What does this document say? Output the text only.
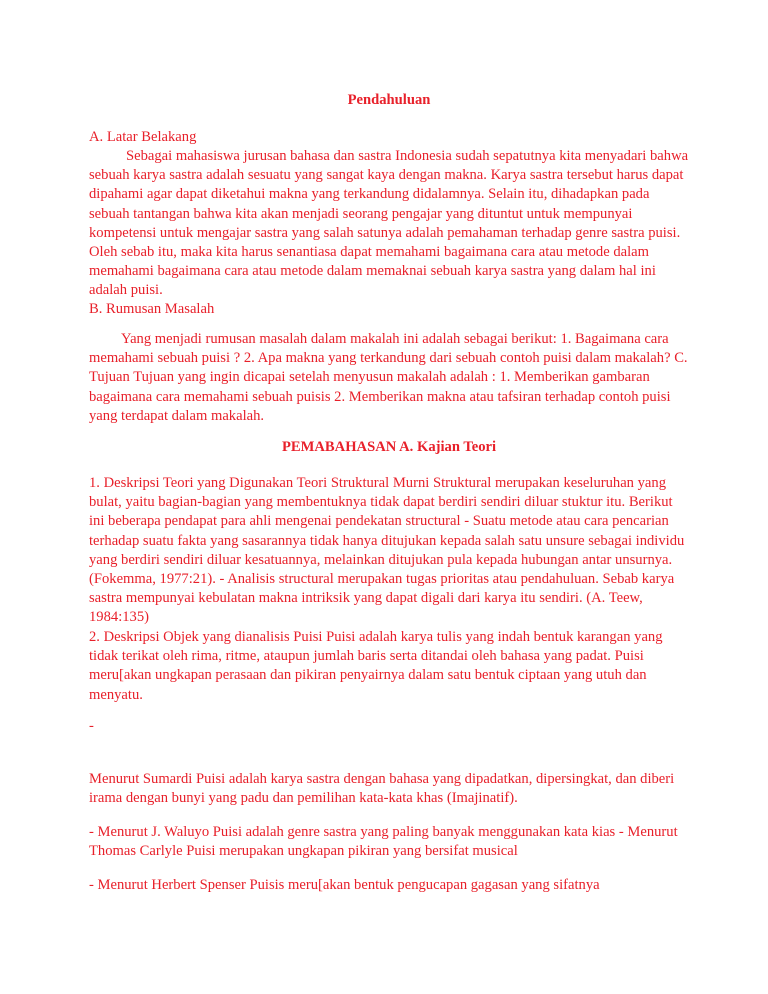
Pendahuluan

A. Latar Belakang

Sebagai mahasiswa jurusan bahasa dan sastra Indonesia sudah sepatutnya kita menyadari bahwa sebuah karya sastra adalah sesuatu yang sangat kaya dengan makna. Karya sastra tersebut harus dapat dipahami agar dapat diketahui makna yang terkandung didalamnya. Selain itu, dihadapkan pada sebuah tantangan bahwa kita akan menjadi seorang pengajar yang dituntut untuk mempunyai kompetensi untuk mengajar sastra yang salah satunya adalah pemahaman terhadap genre sastra puisi. Oleh sebab itu, maka kita harus senantiasa dapat memahami bagaimana cara atau metode dalam memahami bagaimana cara atau metode dalam memaknai sebuah karya sastra yang dalam hal ini adalah puisi.

B. Rumusan Masalah

Yang menjadi rumusan masalah dalam makalah ini adalah sebagai berikut: 1. Bagaimana cara memahami sebuah puisi ? 2. Apa makna yang terkandung dari sebuah contoh puisi dalam makalah? C. Tujuan Tujuan yang ingin dicapai setelah menyusun makalah adalah : 1. Memberikan gambaran bagaimana cara memahami sebuah puisis 2. Memberikan makna atau tafsiran terhadap contoh puisi yang terdapat dalam makalah.

PEMABAHASAN A. Kajian Teori

1. Deskripsi Teori yang Digunakan Teori Struktural Murni Struktural merupakan keseluruhan yang bulat, yaitu bagian-bagian yang membentuknya tidak dapat berdiri sendiri diluar stuktur itu. Berikut ini beberapa pendapat para ahli mengenai pendekatan structural - Suatu metode atau cara pencarian terhadap suatu fakta yang sasarannya tidak hanya ditujukan kepada salah satu unsure sebagai individu yang berdiri sendiri diluar kesatuannya, melainkan ditujukan pula kepada hubungan antar unsurnya. (Fokemma, 1977:21). - Analisis structural merupakan tugas prioritas atau pendahuluan. Sebab karya sastra mempunyai kebulatan makna intriksik yang dapat digali dari karya itu sendiri. (A. Teew, 1984:135)

2. Deskripsi Objek yang dianalisis Puisi Puisi adalah karya tulis yang indah bentuk karangan yang tidak terikat oleh rima, ritme, ataupun jumlah baris serta ditandai oleh bahasa yang padat. Puisi meru[akan ungkapan perasaan dan pikiran penyairnya dalam satu bentuk ciptaan yang utuh dan menyatu.

-

Menurut Sumardi Puisi adalah karya sastra dengan bahasa yang dipadatkan, dipersingkat, dan diberi irama dengan bunyi yang padu dan pemilihan kata-kata khas (Imajinatif).

- Menurut J. Waluyo Puisi adalah genre sastra yang paling banyak menggunakan kata kias - Menurut Thomas Carlyle Puisi merupakan ungkapan pikiran yang bersifat musical

- Menurut Herbert Spenser Puisis meru[akan bentuk pengucapan gagasan yang sifatnya
